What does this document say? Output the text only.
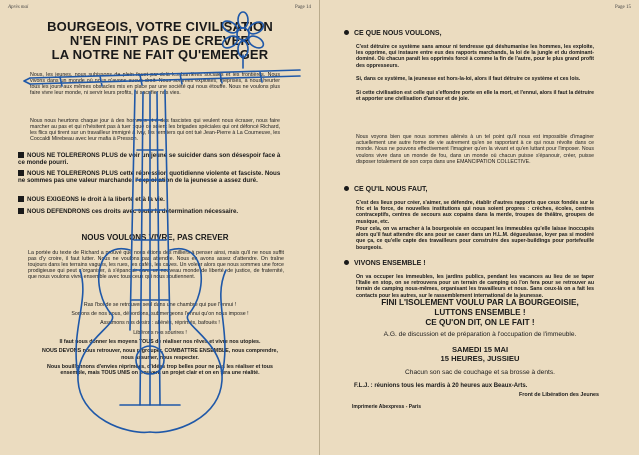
Après mai	Page 14
BOURGEOIS, VOTRE CIVILISATION
N'EN FINIT PAS DE CREVER
LA NOTRE NE FAIT QU'EMERGER
Nous, les jeunes, nous subissons de plein fouet par-delà les barrières sociales et les frontières. Nous vivons dans un monde où nous n'avons aucun droit. Nous sommes exploités, méprisés, à nous heurter tous les jours aux mêmes obstacles mis en place par une société qui nous étouffe. Nous ne voulons plus faire vivre leur monde, ni servir leurs profits, ni sacrifier nos vies.
Nous nous heurtons chaque jour à des hommes et à des fascistes qui veulent nous écraser, nous faire marcher au pas et qui n'hésitent pas à tuer : que ce soient les brigades spéciales qui ont défoncé Richard, les flics qui tirent sur un travailleur immigré à Ivry, les fermiers qui ont tué Jean-Pierre à La Courneuve, les Coccaldi Mirebeau avec leur mafia à Presson.
NOUS NE TOLERERONS PLUS de voir un jeune se suicider dans son désespoir face à ce monde pourri.
NOUS NE TOLERERONS PLUS cette répression quotidienne violente et fasciste. Nous ne sommes pas une valeur marchande, l'exploitation de la jeunesse a assez duré.
NOUS EXIGEONS le droit à la liberté et à la vie.
NOUS DEFENDRONS ces droits avec toute la détermination nécessaire.
NOUS VOULONS VIVRE, PAS CREVER
La portée du texte de Richard a prouvé que nous étions des milliers à penser ainsi, mais qu'il ne nous suffit pas d'y croire, il faut lutter. Nous ne voulons pas attendre. Nous en avons assez d'attendre. On traîne toujours dans les terrains vagues, les rues, les cafés, les caves. Un voleur alors que nous sommes une force prodigieuse qui peut s'organiser, à s'épanouir dans un nouveau monde de liberté, de justice, de fraternité, que nous voulons vivre ensemble avec tous ceux qui nous soutiennent.
Ras l'bol de se retrouver seul dans une chambre qui pue l'ennui !
Sortons de nos trous, débordons, submergeons l'ennui qu'on nous impose !
Assumons nos désirs : aliénés, réprimés, bafoués !
Libérons nos sourires !
Il faut nous donner les moyens TOUS de réaliser nos rêves et vivre nos utopies.
NOUS DEVONS nous retrouver, nous regrouper, COMBATTRE ENSEMBLE, nous comprendre, nous assumer, nous respecter.
Nous bouillonnons d'envies réprimées, d'idées trop belles pour ne pas les réaliser et tous ensemble, mais TOUS UNIS on trouvera un projet clair et on en fera une réalité.
Page 15
CE QUE NOUS VOULONS,
C'est détruire ce système sans amour ni tendresse qui déshumanise les hommes, les exploite, les opprime, qui instaure entre eux des rapports marchands, la loi de la jungle et du dominant-dominé. Où chacun paraît les opprimés forcé à comme la fin de l'autre, pour le plus grand profit des oppresseurs.
Si, dans ce système, la jeunesse est hors-la-loi, alors il faut détruire ce système et ces lois.
Si cette civilisation est celle qui s'effondre porte en elle la mort, et l'ennui, alors il faut la détruire et apporter une civilisation d'amour et de joie.
Nous voyons bien que nous sommes aliénés à un tel point qu'il nous est impossible d'imaginer actuellement une autre forme de vie autrement qu'en se rapportant à ce qui nous révolte dans ce monde. Nous ne pouvons effectivement l'imaginer qu'en la vivant et qu'en luttant pour l'imposer. Nous voulons vivre dans un monde de fou, dans un monde où chacun puisse s'épanouir, créer, puisse disposer totalement de son corps dans une EMANCIPATION COLLECTIVE.
CE QU'IL NOUS FAUT,
C'est des lieux pour créer, s'aimer, se défendre, établir d'autres rapports que ceux fondés sur le fric et la force, de nouvelles institutions qui nous soient propres : crèches, écoles, centres contraceptifs, centres de secours aux copains dans la merde, troupes de théâtre, groupes de musique, etc.
Pour cela, on va arracher à la bourgeoisie en occupant les immeubles qu'elle laisse inoccupés alors qu'il faut attendre dix ans pour se caser dans un H.L.M. dégueulasse, loyer pas si modéré que ça, ce qu'elle capte des travailleurs pour construire des super-buildings pour portefeuille bourgeois.
VIVONS ENSEMBLE !
On va occuper les immeubles, les jardins publics, pendant les vacances au lieu de se taper l'Italie en stop, on se retrouvera pour un terrain de camping où l'on fera pour se retrouver au terrain de camping nous-mêmes, organisant les travailleurs et nous. Sans ceux-là on a fait les contacts pour les autres, sur le rassemblement international de la jeunesse.
FINI L'ISOLEMENT VOULU PAR LA BOURGEOISIE,
LUTTONS ENSEMBLE !
CE QU'ON DIT, ON LE FAIT !
A.G. de discussion et de préparation à l'occupation de l'immeuble.
SAMEDI 15 MAI
15 HEURES, JUSSIEU
Chacun son sac de couchage et sa brosse à dents.
F.L.J. : réunions tous les mardis à 20 heures aux Beaux-Arts.
Front de Libération des Jeunes
Imprimerie Abexpress - Paris
